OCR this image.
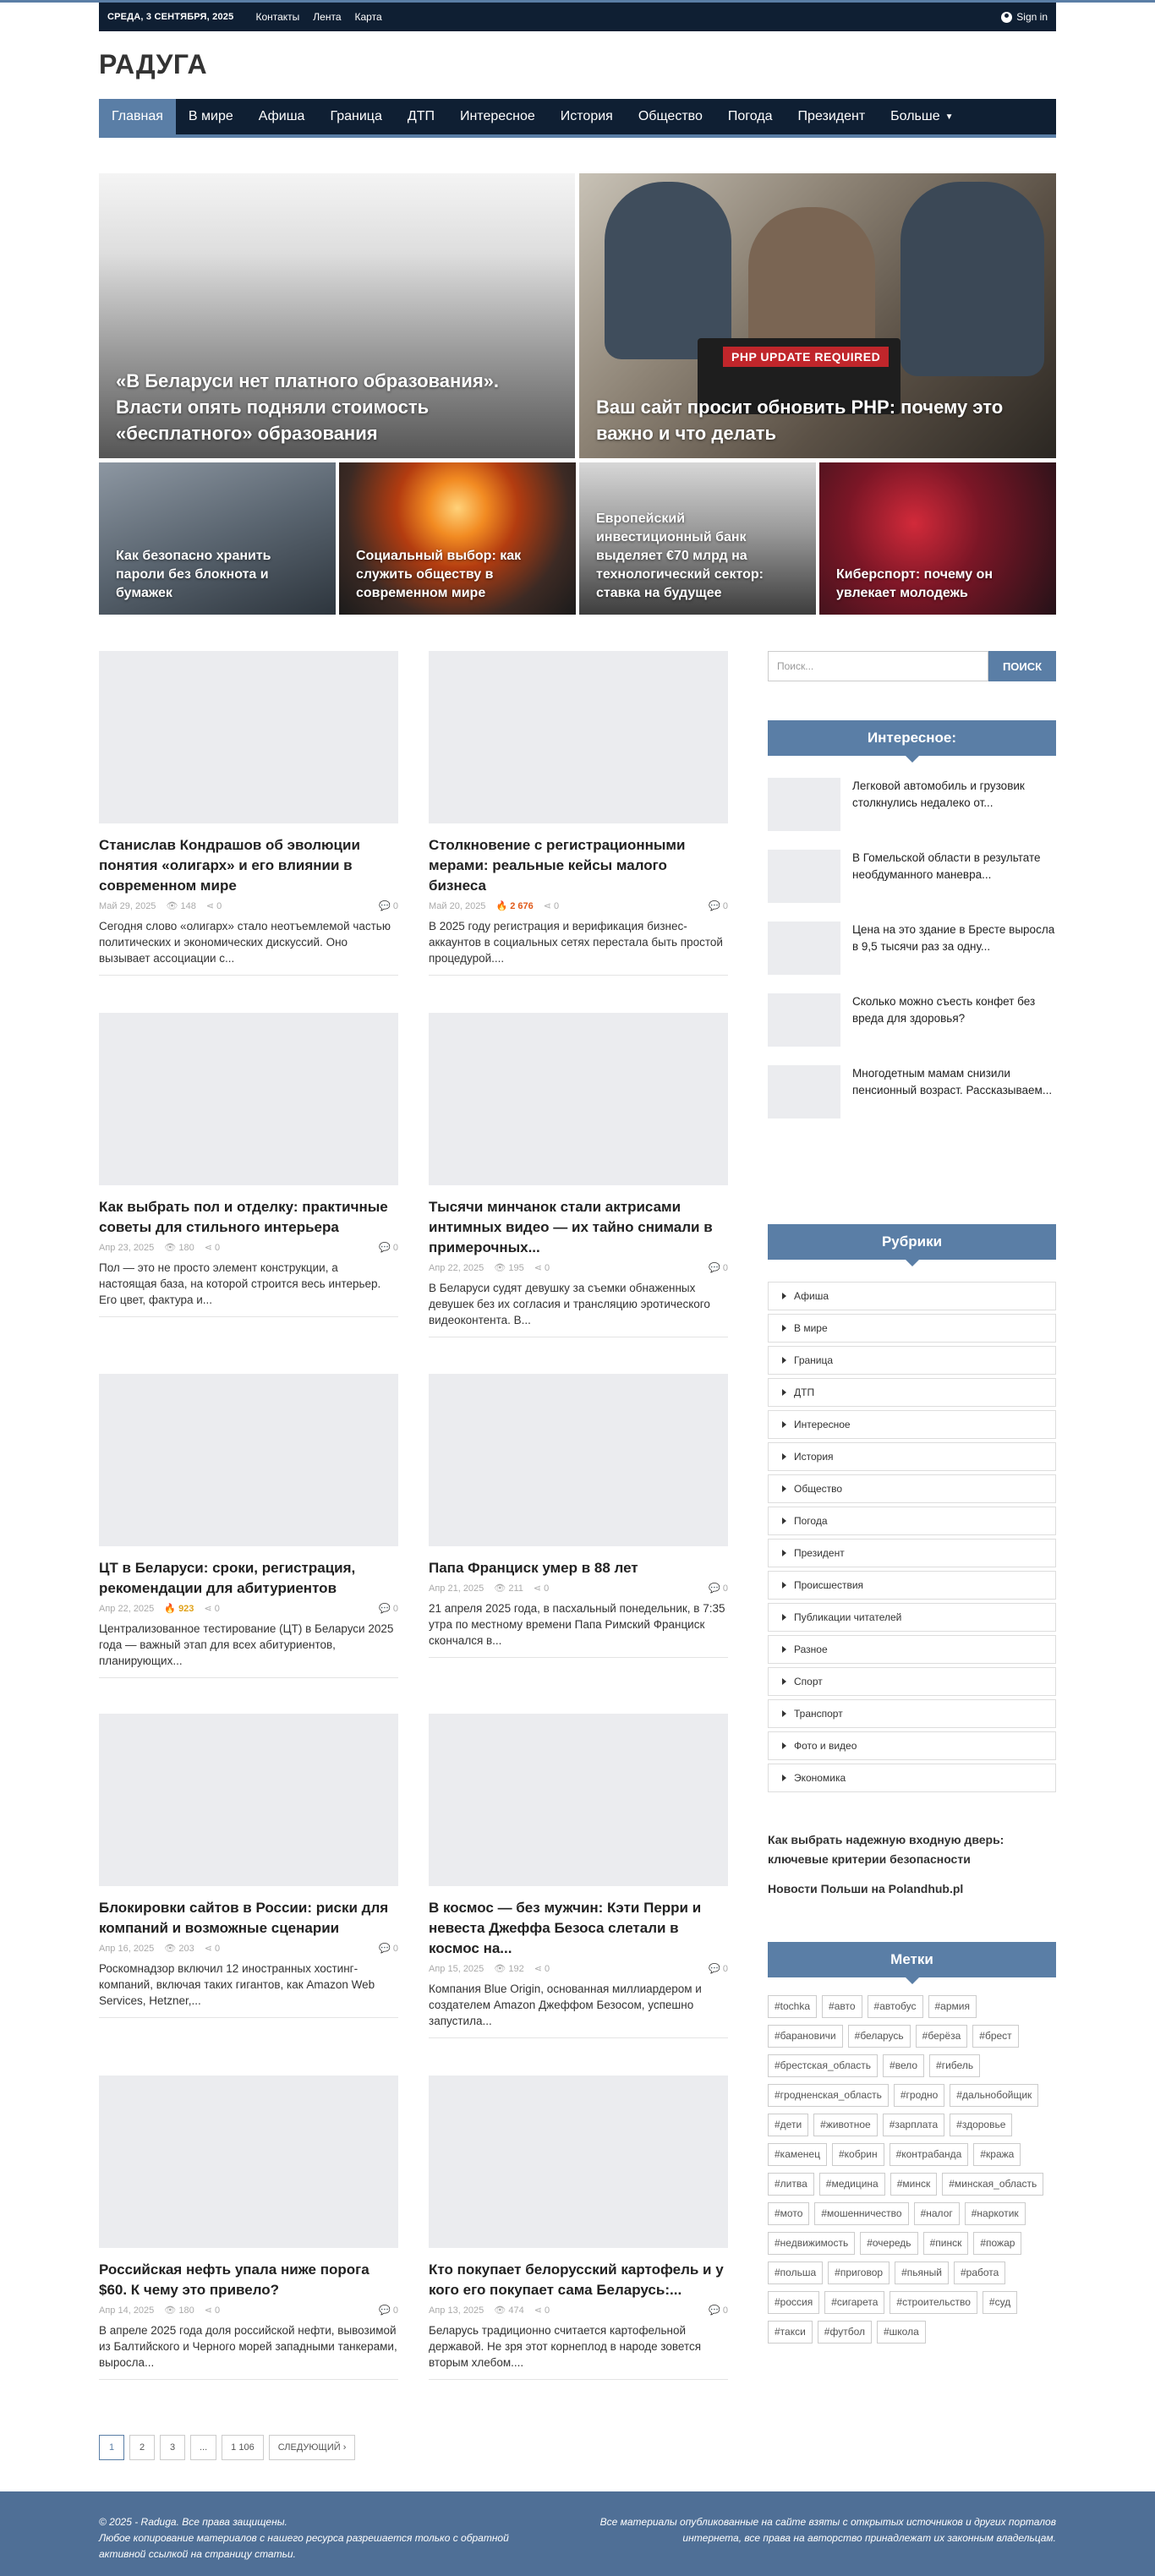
СРЕДА, 3 СЕНТЯБРЯ, 2025 Контакты Лента Карта	Sign in
РАДУГА
Главная	В мире	Афиша	Граница	ДТП	Интересное	История	Общество	Погода	Президент	Больше ▼
«В Беларуси нет платного образования». Власти опять подняли стоимость «бесплатного» образования
PHP UPDATE REQUIRED
Ваш сайт просит обновить PHP: почему это важно и что делать
Как безопасно хранить пароли без блокнота и бумажек
Социальный выбор: как служить обществу в современном мире
Европейский инвестиционный банк выделяет €70 млрд на технологический сектор: ставка на будущее
Киберспорт: почему он увлекает молодежь
Станислав Кондрашов об эволюции понятия «олигарх» и его влиянии в современном мире
Май 29, 2025 👁 148 ⋖ 0	💬 0
Сегодня слово «олигарх» стало неотъемлемой частью политических и экономических дискуссий. Оно вызывает ассоциации с...
Столкновение с регистрационными мерами: реальные кейсы малого бизнеса
Май 20, 2025 🔥 2 676 ⋖ 0	💬 0
В 2025 году регистрация и верификация бизнес-аккаунтов в социальных сетях перестала быть простой процедурой....
Как выбрать пол и отделку: практичные советы для стильного интерьера
Апр 23, 2025 👁 180 ⋖ 0	💬 0
Пол — это не просто элемент конструкции, а настоящая база, на которой строится весь интерьер. Его цвет, фактура и...
Тысячи минчанок стали актрисами интимных видео — их тайно снимали в примерочных...
Апр 22, 2025 👁 195 ⋖ 0	💬 0
В Беларуси судят девушку за съемки обнаженных девушек без их согласия и трансляцию эротического видеоконтента. В...
ЦТ в Беларуси: сроки, регистрация, рекомендации для абитуриентов
Апр 22, 2025 🔥 923 ⋖ 0	💬 0
Централизованное тестирование (ЦТ) в Беларуси 2025 года — важный этап для всех абитуриентов, планирующих...
Папа Франциск умер в 88 лет
Апр 21, 2025 👁 211 ⋖ 0	💬 0
21 апреля 2025 года, в пасхальный понедельник, в 7:35 утра по местному времени Папа Римский Франциск скончался в...
Блокировки сайтов в России: риски для компаний и возможные сценарии
Апр 16, 2025 👁 203 ⋖ 0	💬 0
Роскомнадзор включил 12 иностранных хостинг-компаний, включая таких гигантов, как Amazon Web Services, Hetzner,...
В космос — без мужчин: Кэти Перри и невеста Джеффа Безоса слетали в космос на...
Апр 15, 2025 👁 192 ⋖ 0	💬 0
Компания Blue Origin, основанная миллиардером и создателем Amazon Джеффом Безосом, успешно запустила...
Российская нефть упала ниже порога $60. К чему это привело?
Апр 14, 2025 👁 180 ⋖ 0	💬 0
В апреле 2025 года доля российской нефти, вывозимой из Балтийского и Черного морей западными танкерами, выросла...
Кто покупает белорусский картофель и у кого его покупает сама Беларусь:...
Апр 13, 2025 👁 474 ⋖ 0	💬 0
Беларусь традиционно считается картофельной державой. Не зря этот корнеплод в народе зовется вторым хлебом....
1	2	3	...	1 106	СЛЕДУЮЩИЙ
›
Поиск...	ПОИСК
Интересное:
Легковой автомобиль и грузовик столкнулись недалеко от...
В Гомельской области в результате необдуманного маневра...
Цена на это здание в Бресте выросла в 9,5 тысячи раз за одну...
Сколько можно съесть конфет без вреда для здоровья?
Многодетным мамам снизили пенсионный возраст. Рассказываем...
Рубрики
Афиша
В мире
Граница
ДТП
Интересное
История
Общество
Погода
Президент
Происшествия
Публикации читателей
Разное
Спорт
Транспорт
Фото и видео
Экономика
Как выбрать надежную входную дверь: ключевые критерии безопасности
Новости Польши на Polandhub.pl
Метки
#tochka	#авто	#автобус	#армия
#барановичи	#беларусь	#берёза	#брест
#брестская_область	#вело	#гибель
#гродненская_область	#гродно	#дальнобойщик
#дети	#животное	#зарплата	#здоровье
#каменец	#кобрин	#контрабанда	#кража
#литва	#медицина	#минск	#минская_область
#мото	#мошенничество	#налог	#наркотик
#недвижимость	#очередь	#пинск	#пожар
#польша	#приговор	#пьяный	#работа
#россия	#сигарета	#строительство	#суд
#такси	#футбол	#школа
© 2025 - Raduga. Все права защищены.
Любое копирование материалов с нашего ресурса разрешается только с обратной
активной ссылкой на страницу статьи.
Все материалы опубликованные на сайте взяты с открытых источников и других порталов
интернета, все права на авторство принадлежат их законным владельцам.
